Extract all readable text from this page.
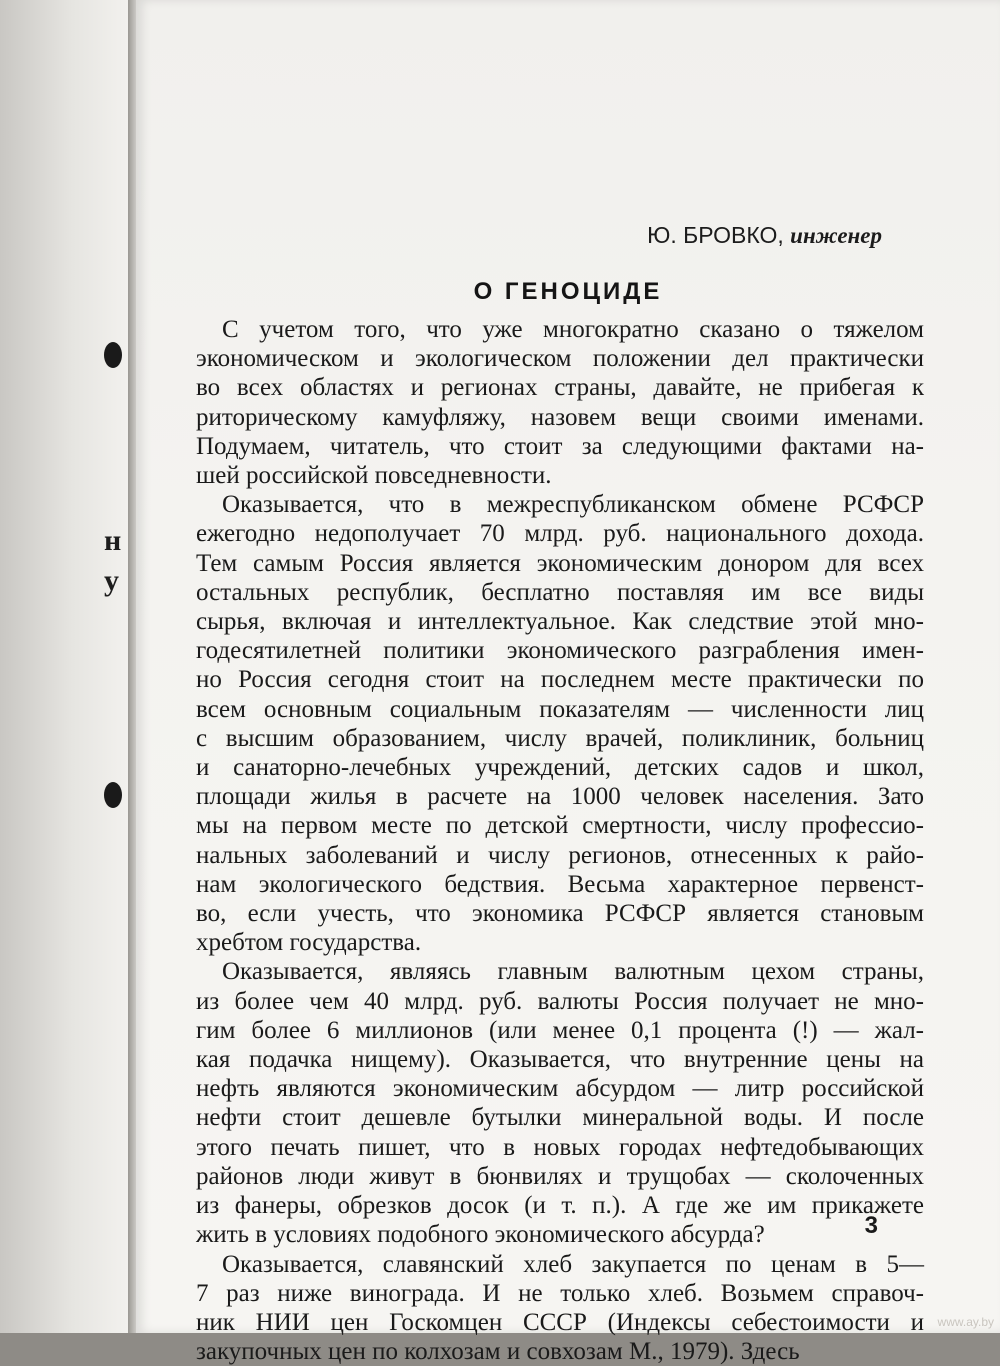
н
у
Ю. БРОВКО, инженер
О ГЕНОЦИДЕ

С учетом того, что уже многократно сказано о тяжелом
экономическом и экологическом положении дел практически
во всех областях и регионах страны, давайте, не прибегая к
риторическому камуфляжу, назовем вещи своими именами.
Подумаем, читатель, что стоит за следующими фактами на-
шей российской повседневности.

Оказывается, что в межреспубликанском обмене РСФСР
ежегодно недополучает 70 млрд. руб. национального дохода.
Тем самым Россия является экономическим донором для всех
остальных республик, бесплатно поставляя им все виды
сырья, включая и интеллектуальное. Как следствие этой мно-
годесятилетней политики экономического разграбления имен-
но Россия сегодня стоит на последнем месте практически по
всем основным социальным показателям — численности лиц
с высшим образованием, числу врачей, поликлиник, больниц
и санаторно-лечебных учреждений, детских садов и школ,
площади жилья в расчете на 1000 человек населения. Зато
мы на первом месте по детской смертности, числу профессио-
нальных заболеваний и числу регионов, отнесенных к райо-
нам экологического бедствия. Весьма характерное первенст-
во, если учесть, что экономика РСФСР является становым
хребтом государства.

Оказывается, являясь главным валютным цехом страны,
из более чем 40 млрд. руб. валюты Россия получает не мно-
гим более 6 миллионов (или менее 0,1 процента (!) — жал-
кая подачка нищему). Оказывается, что внутренние цены на
нефть являются экономическим абсурдом — литр российской
нефти стоит дешевле бутылки минеральной воды. И после
этого печать пишет, что в новых городах нефтедобывающих
районов люди живут в бюнвилях и трущобах — сколоченных
из фанеры, обрезков досок (и т. п.). А где же им прикажете
жить в условиях подобного экономического абсурда?

Оказывается, славянский хлеб закупается по ценам в 5—
7 раз ниже винограда. И не только хлеб. Возьмем справоч-
ник НИИ цен Госкомцен СССР (Индексы себестоимости и
закупочных цен по колхозам и совхозам М., 1979). Здесь

3
www.ay.by
